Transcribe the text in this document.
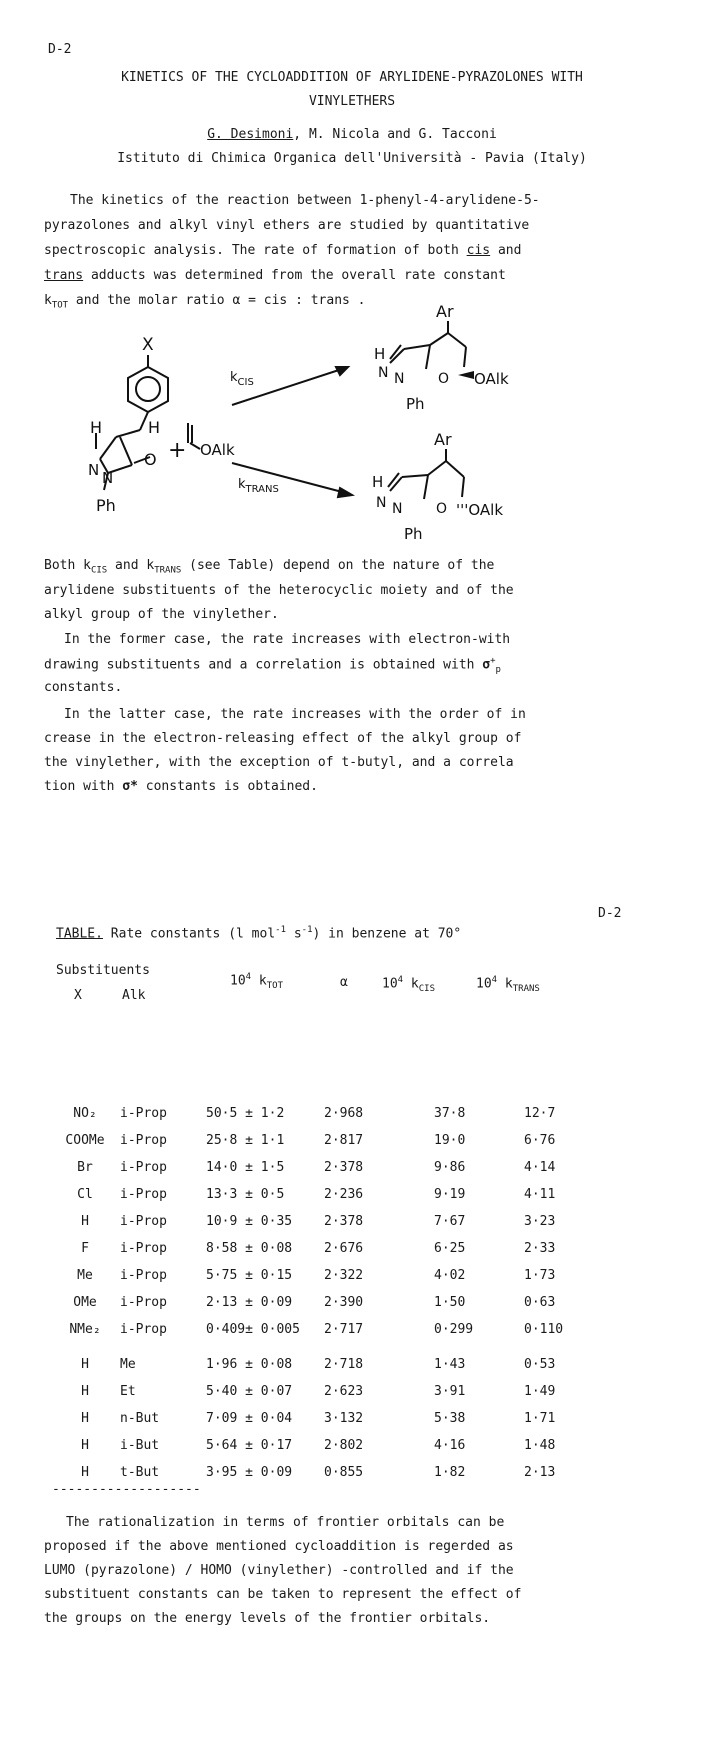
D-2
KINETICS OF THE CYCLOADDITION OF ARYLIDENE-PYRAZOLONES WITH
VINYLETHERS
G. Desimoni, M. Nicola and G. Tacconi
Istituto di Chimica Organica dell'Università - Pavia (Italy)
The kinetics of the reaction between 1-phenyl-4-arylidene-5-
pyrazolones and alkyl vinyl ethers are studied by quantitative
spectroscopic analysis. The rate of formation of both cis and
trans adducts was determined from the overall rate constant
$k_{TOT}$ and the molar ratio α = cis : trans .
X
H	H
N N
O
Ph
+ OAlk
$k_{CIS}$
$k_{TRANS}$
Ar
H
N N O OAlk
Ph
Ar
H
N N O '''OAlk
Ph
Both $k_{CIS}$ and $k_{TRANS}$ (see Table) depend on the nature of the
arylidene substituents of the heterocyclic moiety and of the
alkyl group of the vinylether.
In the former case, the rate increases with electron-with
drawing substituents and a correlation is obtained with $\sigma^+_p$
constants.
In the latter case, the rate increases with the order of in
crease in the electron-releasing effect of the alkyl group of
the vinylether, with the exception of t-butyl, and a correla
tion with σ* constants is obtained.
D-2
TABLE. Rate constants (l mol$^{-1}$ $s^{-1}$) in benzene at 70°
Substituents
X	Alk
$10^4$ $k_{TOT}$	α	$10^4$ $k_{CIS}$	$10^4$ $k_{TRANS}$
NO₂	i-Prop	50·5 ± 1·2	2·968	37·8	12·7
COOMe	i-Prop	25·8 ± 1·1	2·817	19·0	6·76
Br	i-Prop	14·0 ± 1·5	2·378	9·86	4·14
Cl	i-Prop	13·3 ± 0·5	2·236	9·19	4·11
H	i-Prop	10·9 ± 0·35	2·378	7·67	3·23
F	i-Prop	8·58 ± 0·08	2·676	6·25	2·33
Me	i-Prop	5·75 ± 0·15	2·322	4·02	1·73
OMe	i-Prop	2·13 ± 0·09	2·390	1·50	0·63
NMe₂	i-Prop	0·409± 0·005	2·717	0·299	0·110
H	Me	1·96 ± 0·08	2·718	1·43	0·53
H	Et	5·40 ± 0·07	2·623	3·91	1·49
H	n-But	7·09 ± 0·04	3·132	5·38	1·71
H	i-But	5·64 ± 0·17	2·802	4·16	1·48
H	t-But	3·95 ± 0·09	0·855	1·82	2·13
-------------------
The rationalization in terms of frontier orbitals can be
proposed if the above mentioned cycloaddition is regerded as
LUMO (pyrazolone) / HOMO (vinylether) -controlled and if the
substituent constants can be taken to represent the effect of
the groups on the energy levels of the frontier orbitals.
